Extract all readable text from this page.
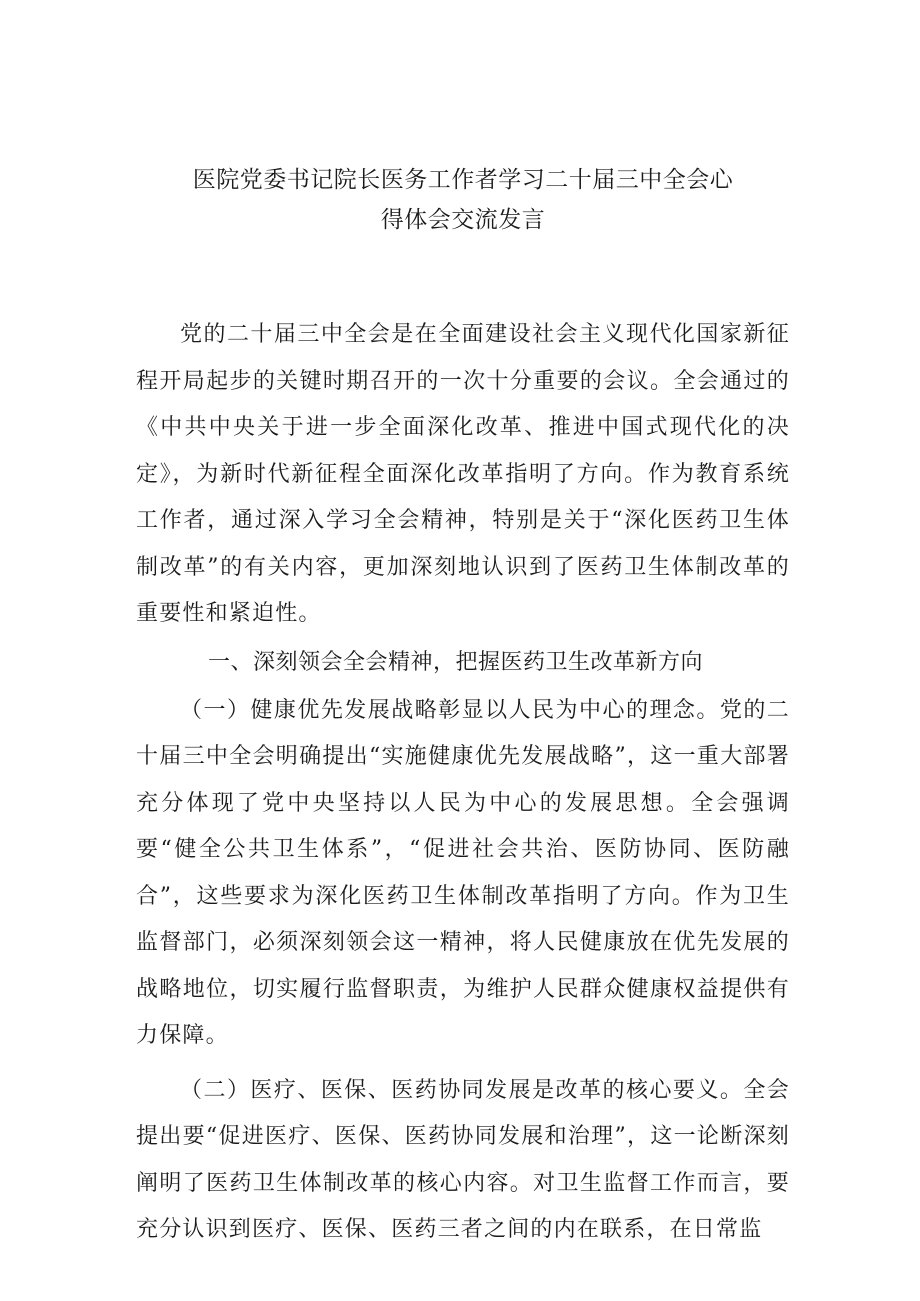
医院党委书记院长医务工作者学习二十届三中全会心
得体会交流发言

党的二十届三中全会是在全面建设社会主义现代化国家新征程开局起步的关键时期召开的一次十分重要的会议。全会通过的《中共中央关于进一步全面深化改革、推进中国式现代化的决定》，为新时代新征程全面深化改革指明了方向。作为教育系统工作者，通过深入学习全会精神，特别是关于“深化医药卫生体制改革”的有关内容，更加深刻地认识到了医药卫生体制改革的重要性和紧迫性。

一、深刻领会全会精神，把握医药卫生改革新方向

（一）健康优先发展战略彰显以人民为中心的理念。党的二十届三中全会明确提出“实施健康优先发展战略”，这一重大部署充分体现了党中央坚持以人民为中心的发展思想。全会强调要“健全公共卫生体系”，“促进社会共治、医防协同、医防融合”，这些要求为深化医药卫生体制改革指明了方向。作为卫生监督部门，必须深刻领会这一精神，将人民健康放在优先发展的战略地位，切实履行监督职责，为维护人民群众健康权益提供有力保障。

（二）医疗、医保、医药协同发展是改革的核心要义。全会提出要“促进医疗、医保、医药协同发展和治理”，这一论断深刻阐明了医药卫生体制改革的核心内容。对卫生监督工作而言，要充分认识到医疗、医保、医药三者之间的内在联系，在日常监
